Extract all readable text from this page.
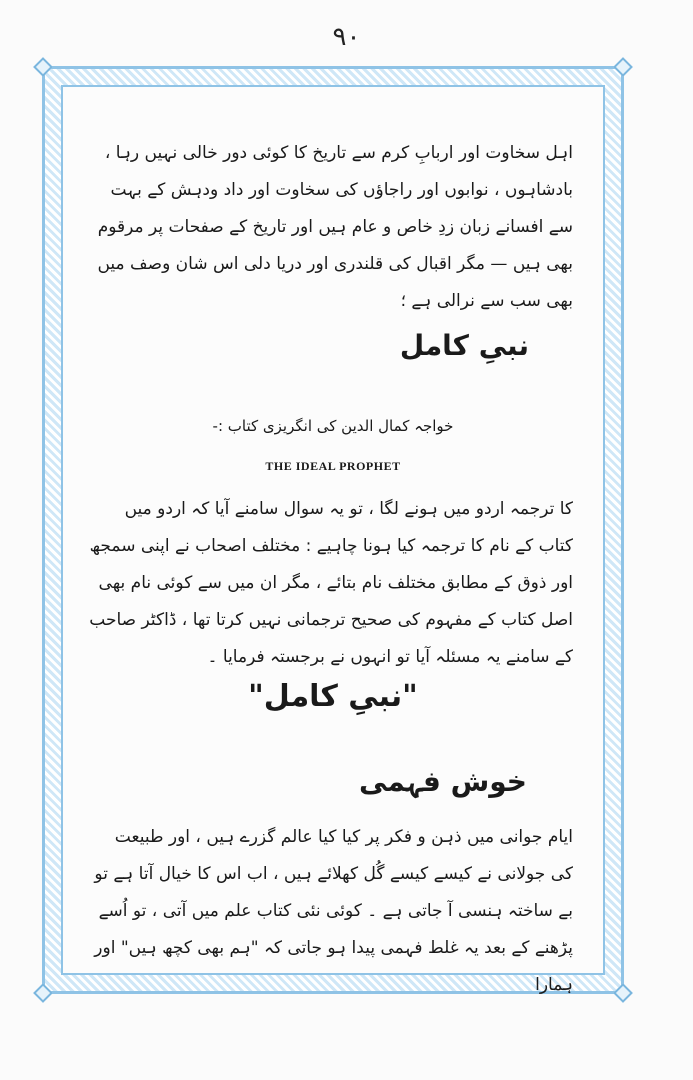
۹۰

اہل سخاوت اور اربابِ کرم سے تاریخ کا کوئی دور خالی نہیں رہا ، بادشاہوں ، نوابوں اور راجاؤں کی سخاوت اور داد ودہش کے بہت سے افسانے زبان زدِ خاص و عام ہیں اور تاریخ کے صفحات پر مرقوم بھی ہیں — مگر اقبال کی قلندری اور دریا دلی اس شان وصف میں بھی سب سے نرالی ہے ؛

نبیِ کامل
خواجہ کمال الدین کی انگریزی کتاب :-
THE IDEAL PROPHET

کا ترجمہ اردو میں ہونے لگا ، تو یہ سوال سامنے آیا کہ اردو میں کتاب کے نام کا ترجمہ کیا ہونا چاہیے : مختلف اصحاب نے اپنی سمجھ اور ذوق کے مطابق مختلف نام بتائے ، مگر ان میں سے کوئی نام بھی اصل کتاب کے مفہوم کی صحیح ترجمانی نہیں کرتا تھا ، ڈاکٹر صاحب کے سامنے یہ مسئلہ آیا تو انہوں نے برجستہ فرمایا ۔

"نبیِ کامل"
خوش فہمی

ایام جوانی میں ذہن و فکر پر کیا کیا عالم گزرے ہیں ، اور طبیعت کی جولانی نے کیسے کیسے گُل کھلائے ہیں ، اب اس کا خیال آتا ہے تو بے ساختہ ہنسی آ جاتی ہے ۔ کوئی نئی کتاب علم میں آتی ، تو اُسے پڑھنے کے بعد یہ غلط فہمی پیدا ہو جاتی کہ "ہم بھی کچھ ہیں" اور ہمارا
